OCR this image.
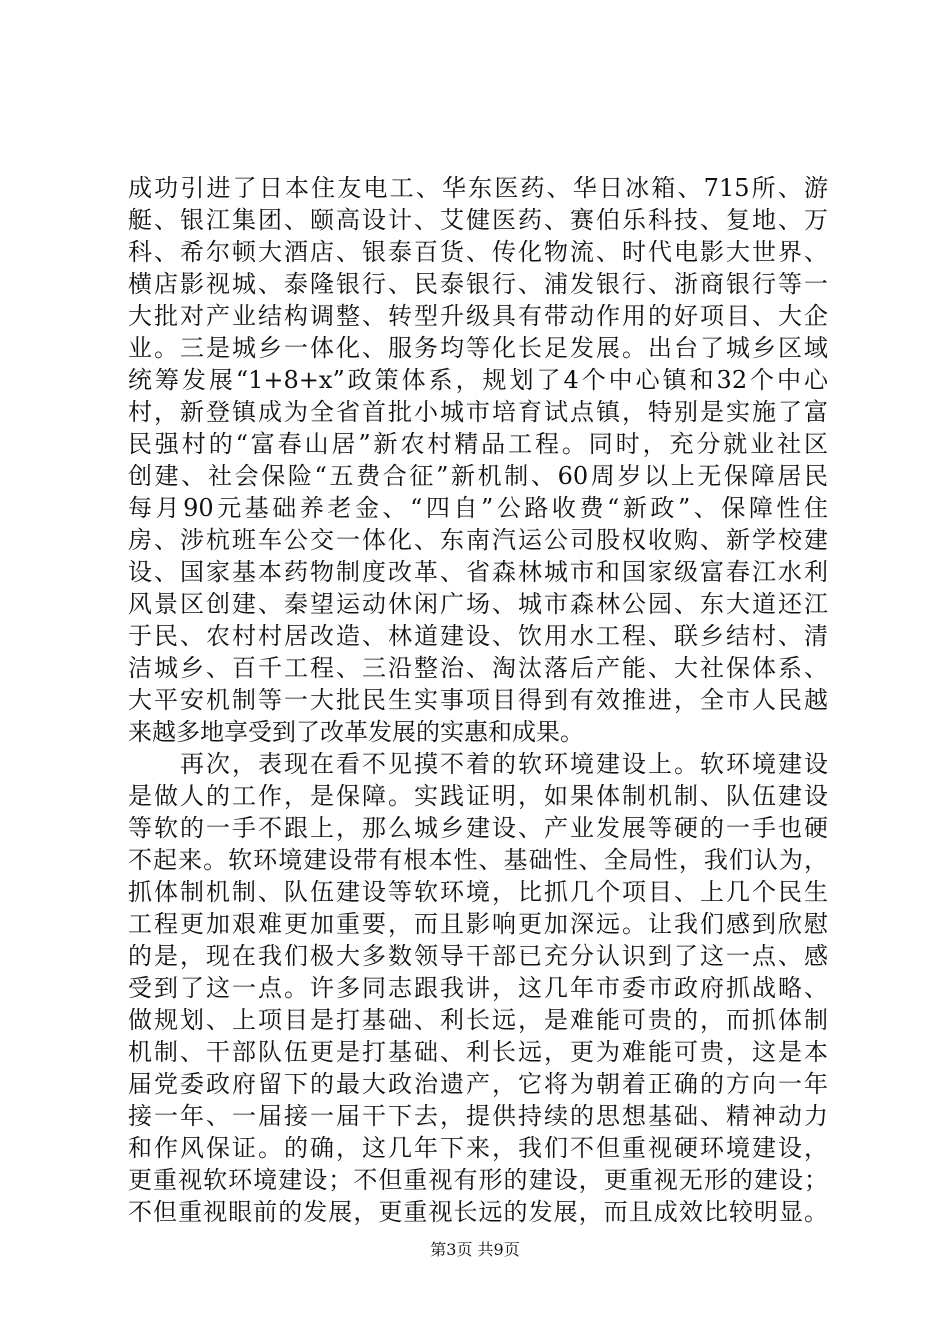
成功引进了日本住友电工、华东医药、华日冰箱、715所、游
艇、银江集团、颐高设计、艾健医药、赛伯乐科技、复地、万
科、希尔顿大酒店、银泰百货、传化物流、时代电影大世界、
横店影视城、泰隆银行、民泰银行、浦发银行、浙商银行等一
大批对产业结构调整、转型升级具有带动作用的好项目、大企
业。三是城乡一体化、服务均等化长足发展。出台了城乡区域
统筹发展“1+8+x”政策体系，规划了4个中心镇和32个中心
村，新登镇成为全省首批小城市培育试点镇，特别是实施了富
民强村的“富春山居”新农村精品工程。同时，充分就业社区
创建、社会保险“五费合征”新机制、60周岁以上无保障居民
每月90元基础养老金、“四自”公路收费“新政”、保障性住
房、涉杭班车公交一体化、东南汽运公司股权收购、新学校建
设、国家基本药物制度改革、省森林城市和国家级富春江水利
风景区创建、秦望运动休闲广场、城市森林公园、东大道还江
于民、农村村居改造、林道建设、饮用水工程、联乡结村、清
洁城乡、百千工程、三沿整治、淘汰落后产能、大社保体系、
大平安机制等一大批民生实事项目得到有效推进，全市人民越
来越多地享受到了改革发展的实惠和成果。
　　再次，表现在看不见摸不着的软环境建设上。软环境建设
是做人的工作，是保障。实践证明，如果体制机制、队伍建设
等软的一手不跟上，那么城乡建设、产业发展等硬的一手也硬
不起来。软环境建设带有根本性、基础性、全局性，我们认为，
抓体制机制、队伍建设等软环境，比抓几个项目、上几个民生
工程更加艰难更加重要，而且影响更加深远。让我们感到欣慰
的是，现在我们极大多数领导干部已充分认识到了这一点、感
受到了这一点。许多同志跟我讲，这几年市委市政府抓战略、
做规划、上项目是打基础、利长远，是难能可贵的，而抓体制
机制、干部队伍更是打基础、利长远，更为难能可贵，这是本
届党委政府留下的最大政治遗产，它将为朝着正确的方向一年
接一年、一届接一届干下去，提供持续的思想基础、精神动力
和作风保证。的确，这几年下来，我们不但重视硬环境建设，
更重视软环境建设；不但重视有形的建设，更重视无形的建设；
不但重视眼前的发展，更重视长远的发展，而且成效比较明显。
第3页 共9页
